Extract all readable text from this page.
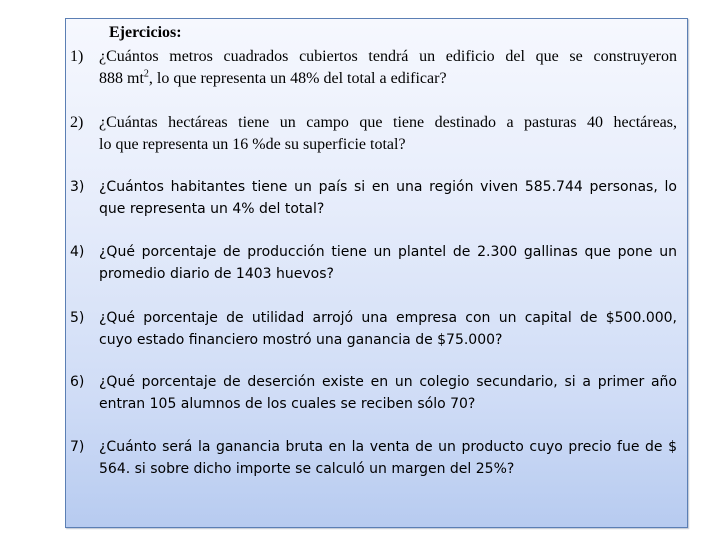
Ejercicios:
1) ¿Cuántos metros cuadrados cubiertos tendrá un edificio del que se construyeron
888 $mt^2$, lo que representa un 48% del total a edificar?
2) ¿Cuántas hectáreas tiene un campo que tiene destinado a pasturas 40 hectáreas,
lo que representa un 16 %de su superficie total?
3) ¿Cuántos habitantes tiene un país si en una región viven 585.744 personas, lo
que representa un 4% del total?
4) ¿Qué porcentaje de producción tiene un plantel de 2.300 gallinas que pone un
promedio diario de 1403 huevos?
5) ¿Qué porcentaje de utilidad arrojó una empresa con un capital de $500.000,
cuyo estado financiero mostró una ganancia de $75.000?
6) ¿Qué porcentaje de deserción existe en un colegio secundario, si a primer año
entran 105 alumnos de los cuales se reciben sólo 70?
7) ¿Cuánto será la ganancia bruta en la venta de un producto cuyo precio fue de $
564. si sobre dicho importe se calculó un margen del 25%?
